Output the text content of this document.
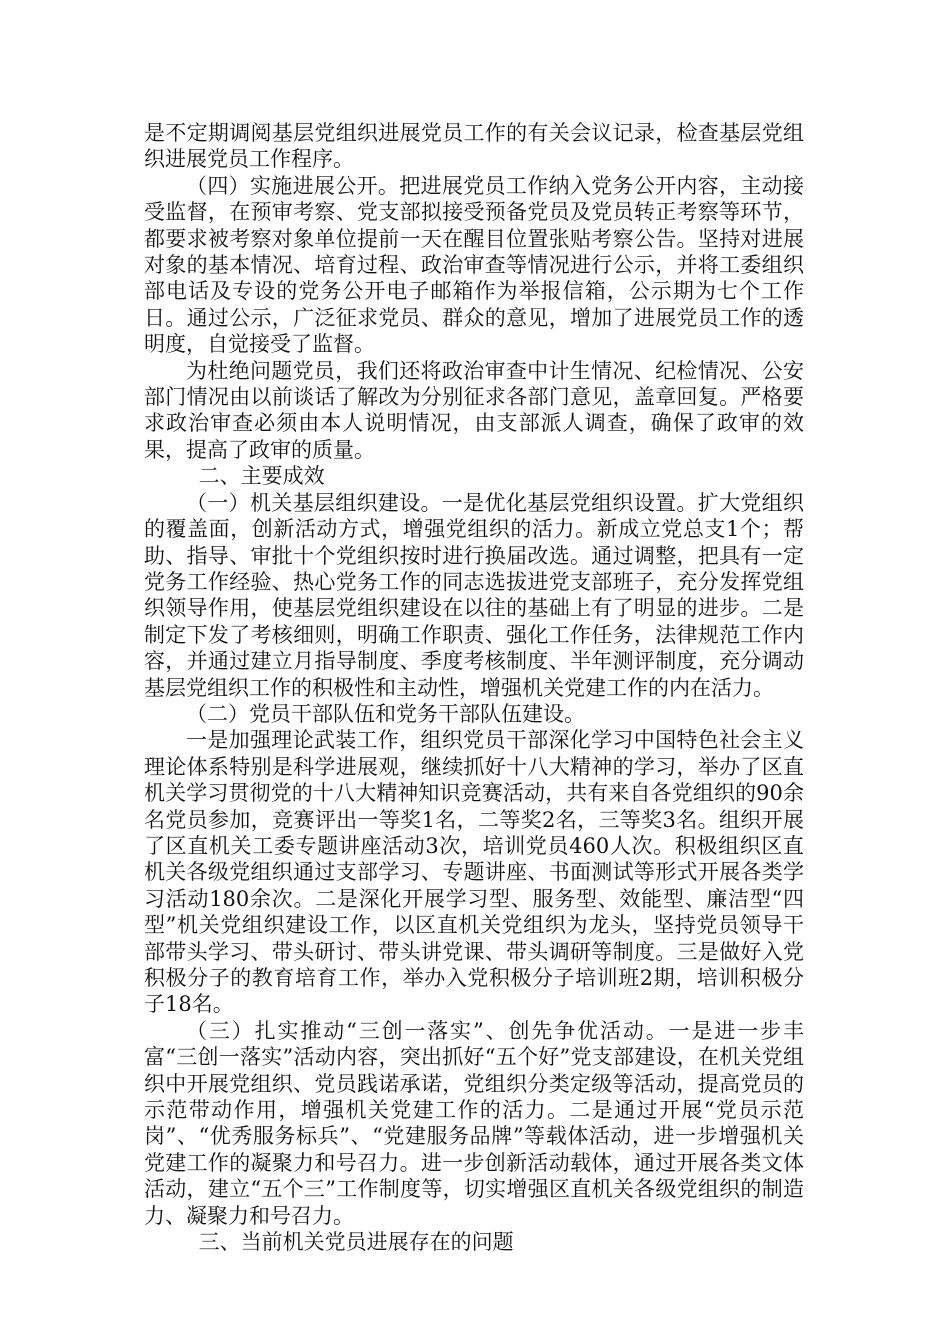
是不定期调阅基层党组织进展党员工作的有关会议记录，检查基层党组织进展党员工作程序。

（四）实施进展公开。把进展党员工作纳入党务公开内容，主动接受监督，在预审考察、党支部拟接受预备党员及党员转正考察等环节，都要求被考察对象单位提前一天在醒目位置张贴考察公告。坚持对进展对象的基本情况、培育过程、政治审查等情况进行公示，并将工委组织部电话及专设的党务公开电子邮箱作为举报信箱，公示期为七个工作日。通过公示，广泛征求党员、群众的意见，增加了进展党员工作的透明度，自觉接受了监督。

为杜绝问题党员，我们还将政治审查中计生情况、纪检情况、公安部门情况由以前谈话了解改为分别征求各部门意见，盖章回复。严格要求政治审查必须由本人说明情况，由支部派人调查，确保了政审的效果，提高了政审的质量。

二、主要成效

（一）机关基层组织建设。一是优化基层党组织设置。扩大党组织的覆盖面，创新活动方式，增强党组织的活力。新成立党总支1个；帮助、指导、审批十个党组织按时进行换届改选。通过调整，把具有一定党务工作经验、热心党务工作的同志选拔进党支部班子，充分发挥党组织领导作用，使基层党组织建设在以往的基础上有了明显的进步。二是制定下发了考核细则，明确工作职责、强化工作任务，法律规范工作内容，并通过建立月指导制度、季度考核制度、半年测评制度，充分调动基层党组织工作的积极性和主动性，增强机关党建工作的内在活力。

（二）党员干部队伍和党务干部队伍建设。

一是加强理论武装工作，组织党员干部深化学习中国特色社会主义理论体系特别是科学进展观，继续抓好十八大精神的学习，举办了区直机关学习贯彻党的十八大精神知识竞赛活动，共有来自各党组织的90余名党员参加，竞赛评出一等奖1名，二等奖2名，三等奖3名。组织开展了区直机关工委专题讲座活动3次，培训党员460人次。积极组织区直机关各级党组织通过支部学习、专题讲座、书面测试等形式开展各类学习活动180余次。二是深化开展学习型、服务型、效能型、廉洁型“四型”机关党组织建设工作，以区直机关党组织为龙头，坚持党员领导干部带头学习、带头研讨、带头讲党课、带头调研等制度。三是做好入党积极分子的教育培育工作，举办入党积极分子培训班2期，培训积极分子18名。

（三）扎实推动“三创一落实”、创先争优活动。一是进一步丰富“三创一落实”活动内容，突出抓好“五个好”党支部建设，在机关党组织中开展党组织、党员践诺承诺，党组织分类定级等活动，提高党员的示范带动作用，增强机关党建工作的活力。二是通过开展“党员示范岗”、“优秀服务标兵”、“党建服务品牌”等载体活动，进一步增强机关党建工作的凝聚力和号召力。进一步创新活动载体，通过开展各类文体活动，建立“五个三”工作制度等，切实增强区直机关各级党组织的制造力、凝聚力和号召力。

三、当前机关党员进展存在的问题
